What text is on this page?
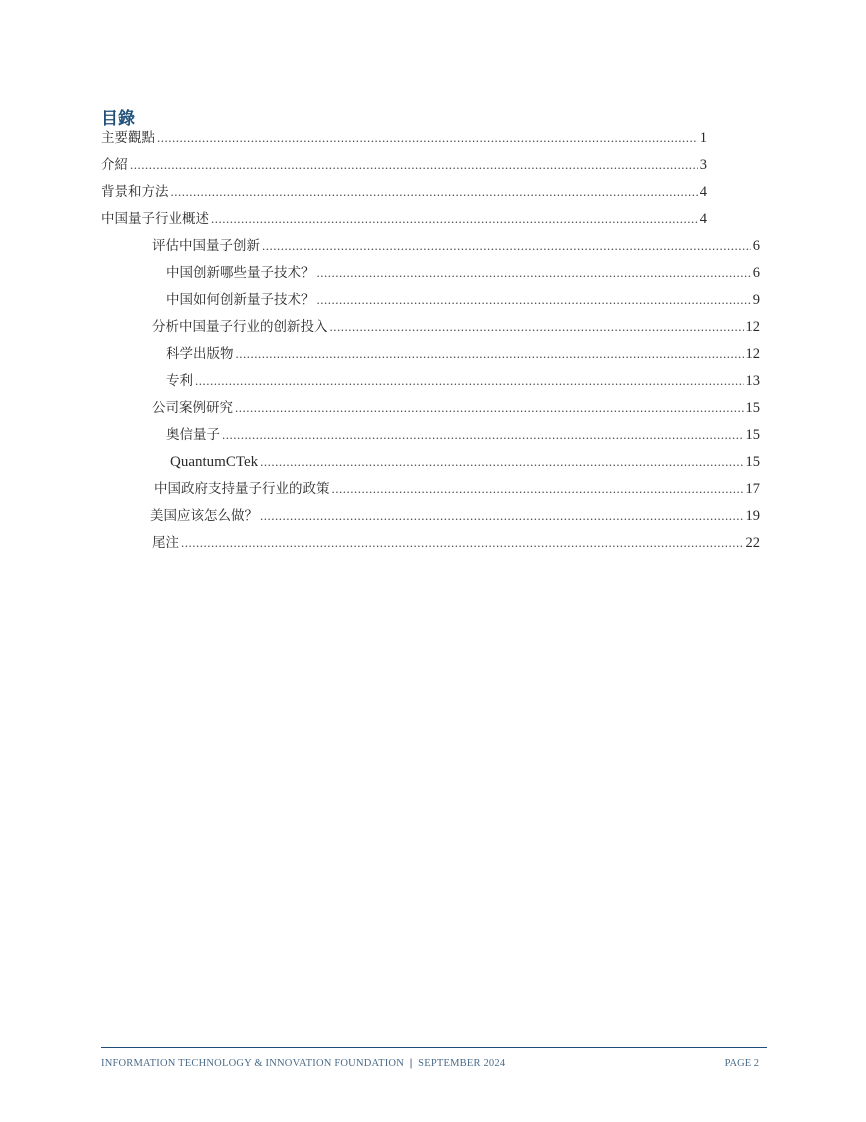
目錄
主要觀點 .....	1
介紹 .....	3
背景和方法 .....	4
中国量子行业概述 .....	4
评估中国量子创新 .....	6
中国创新哪些量子技术？ .....	6
中国如何创新量子技术？ .....	9
分析中国量子行业的创新投入 .....	12
科学出版物 .....	12
专利 .....	13
公司案例研究 .....	15
奥信量子 .....	15
QuantumCTek .....	15
中国政府支持量子行业的政策 .....	17
美国应该怎么做？ .....	19
尾注 .....	22
INFORMATION TECHNOLOGY & INNOVATION FOUNDATION | SEPTEMBER 2024	PAGE 2
